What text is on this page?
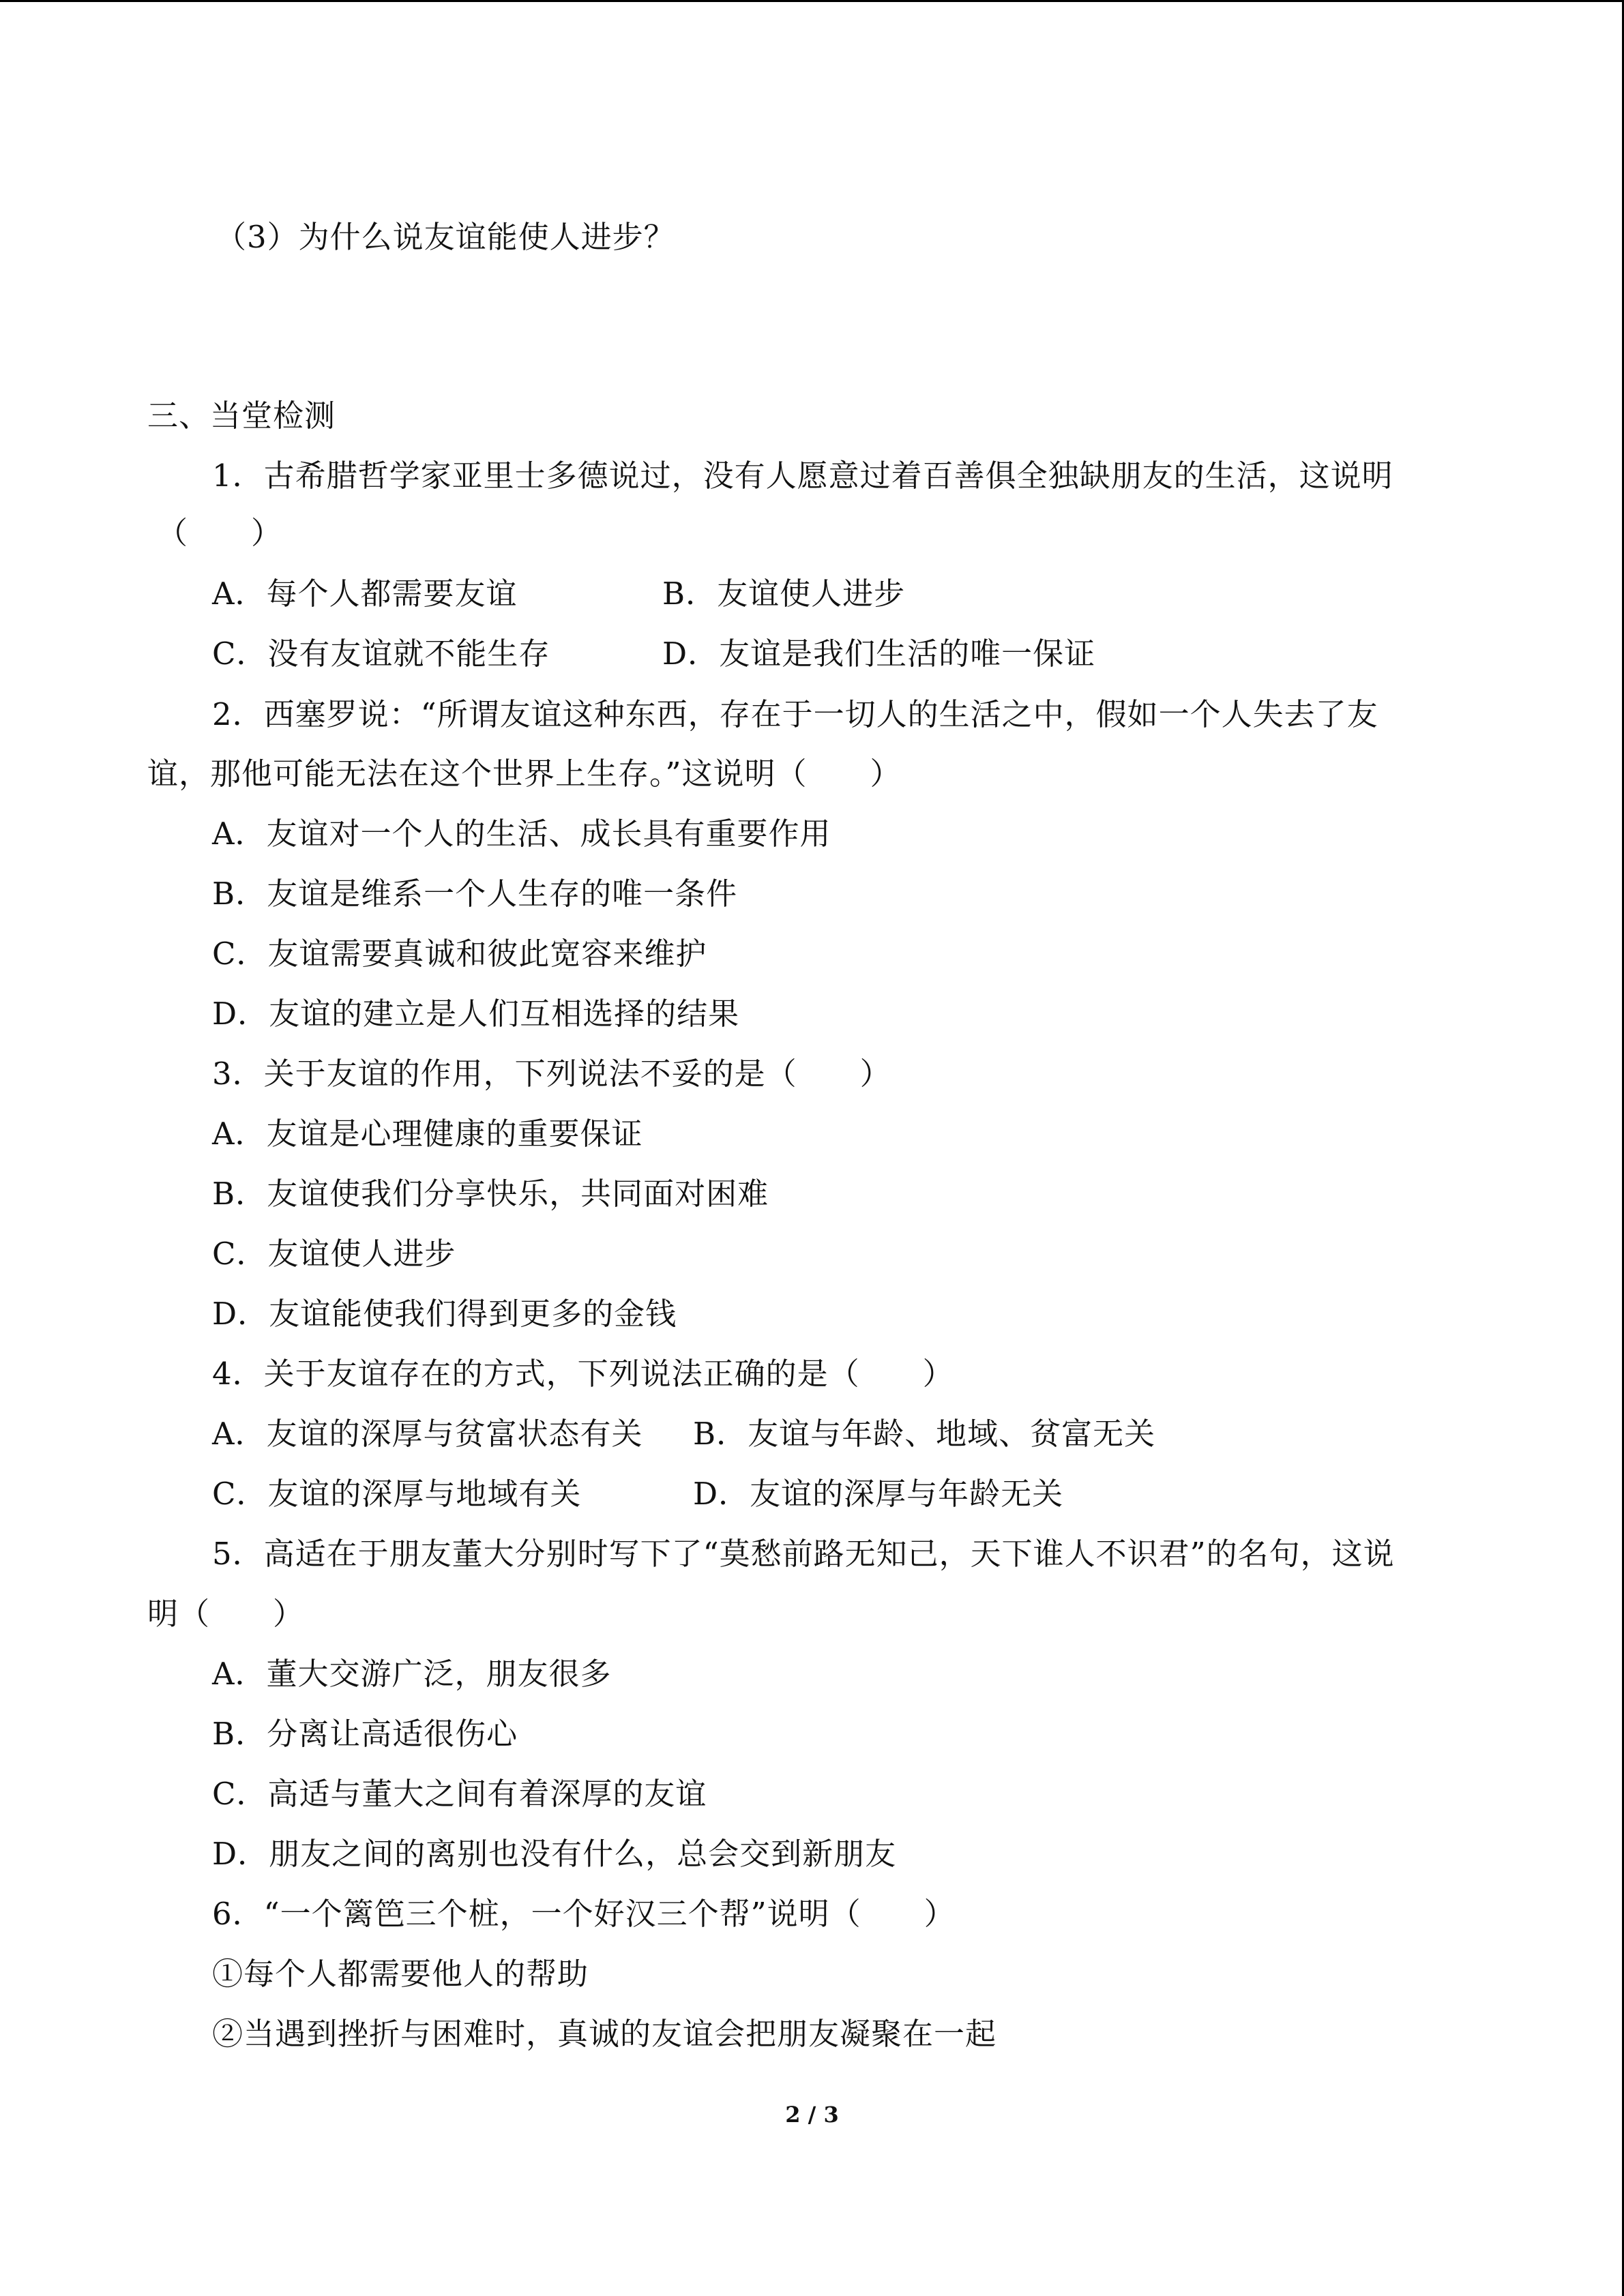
（3）为什么说友谊能使人进步？
三、当堂检测
1．古希腊哲学家亚里士多德说过，没有人愿意过着百善俱全独缺朋友的生活，这说明
（　　）
A．每个人都需要友谊	B．友谊使人进步
C．没有友谊就不能生存	D．友谊是我们生活的唯一保证
2．西塞罗说：“所谓友谊这种东西，存在于一切人的生活之中，假如一个人失去了友
谊，那他可能无法在这个世界上生存。”这说明（　　）
A．友谊对一个人的生活、成长具有重要作用
B．友谊是维系一个人生存的唯一条件
C．友谊需要真诚和彼此宽容来维护
D．友谊的建立是人们互相选择的结果
3．关于友谊的作用，下列说法不妥的是（　　）
A．友谊是心理健康的重要保证
B．友谊使我们分享快乐，共同面对困难
C．友谊使人进步
D．友谊能使我们得到更多的金钱
4．关于友谊存在的方式，下列说法正确的是（　　）
A．友谊的深厚与贫富状态有关 B．友谊与年龄、地域、贫富无关
C．友谊的深厚与地域有关	D．友谊的深厚与年龄无关
5．高适在于朋友董大分别时写下了“莫愁前路无知己，天下谁人不识君”的名句，这说
明（　　）
A．董大交游广泛，朋友很多
B．分离让高适很伤心
C．高适与董大之间有着深厚的友谊
D．朋友之间的离别也没有什么，总会交到新朋友
6．“一个篱笆三个桩，一个好汉三个帮”说明（　　）
①每个人都需要他人的帮助
②当遇到挫折与困难时，真诚的友谊会把朋友凝聚在一起
2 / 3
